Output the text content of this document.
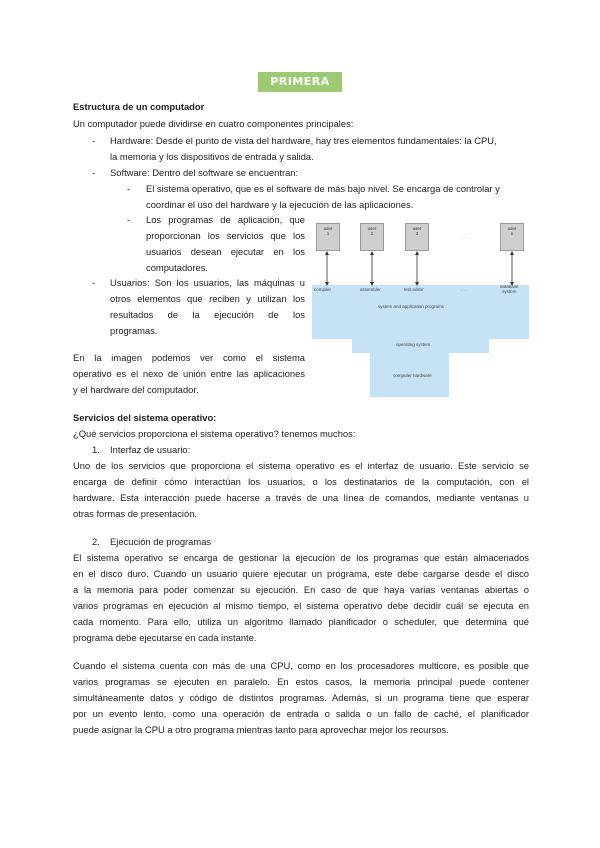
PRIMERA PARTE
Estructura de un computador
Un computador puede dividirse en cuatro componentes principales:
- Hardware: Desde el punto de vista del hardware, hay tres elementos fundamentales: la CPU,
la memoria y los dispositivos de entrada y salida.
- Software: Dentro del software se encuentran:
- El sistema operativo, que es el software de más bajo nivel. Se encarga de controlar y
coordinar el uso del hardware y la ejecución de las aplicaciones.
- Los programas de aplicación, que
proporcionan los servicios que los
usuarios desean ejecutar en los
computadores.
- Usuarios: Son los usuarios, las máquinas u
otros elementos que reciben y utilizan los
resultados de la ejecución de los
programas.
En la imagen podemos ver como el sistema
operativo es el nexo de unión entre las aplicaciones
y el hardware del computador.
user
1
user
2
user
3
. . .
user
n
compiler	assembler	text editor	. . .
database
system
system and application programs
operating system
computer hardware
Servicios del sistema operativo:
¿Qué servicios proporciona el sistema operativo? tenemos muchos:
1. Interfaz de usuario:
Uno de los servicios que proporciona el sistema operativo es el interfaz de usuario. Este servicio se
encarga de definir cómo interactúan los usuarios, o los destinatarios de la computación, con el
hardware. Esta interacción puede hacerse a través de una línea de comandos, mediante ventanas u
otras formas de presentación.
2. Ejecución de programas
El sistema operativo se encarga de gestionar la ejecución de los programas que están almacenados
en el disco duro. Cuando un usuario quiere ejecutar un programa, este debe cargarse desde el disco
a la memoria para poder comenzar su ejecución. En caso de que haya varias ventanas abiertas o
varios programas en ejecución al mismo tiempo, el sistema operativo debe decidir cuál se ejecuta en
cada momento. Para ello, utiliza un algoritmo llamado planificador o scheduler, que determina qué
programa debe ejecutarse en cada instante.
Cuando el sistema cuenta con más de una CPU, como en los procesadores multicore, es posible que
varios programas se ejecuten en paralelo. En estos casos, la memoria principal puede contener
simultáneamente datos y código de distintos programas. Además, si un programa tiene que esperar
por un evento lento, como una operación de entrada o salida o un fallo de caché, el planificador
puede asignar la CPU a otro programa mientras tanto para aprovechar mejor los recursos.
